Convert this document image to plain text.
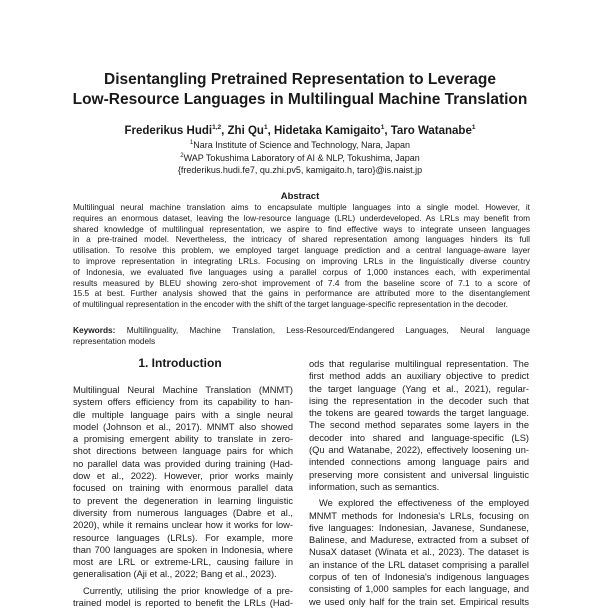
Disentangling Pretrained Representation to Leverage
Low-Resource Languages in Multilingual Machine Translation
Frederikus Hudi$^{1,2}$, Zhi Qu$^1$, Hidetaka Kamigaito$^1$, Taro Watanabe$^1$
$^1$Nara Institute of Science and Technology, Nara, Japan
$^2$WAP Tokushima Laboratory of AI & NLP, Tokushima, Japan
{frederikus.hudi.fe7, qu.zhi.pv5, kamigaito.h, taro}@is.naist.jp
Abstract
Multilingual neural machine translation aims to encapsulate multiple languages into a single model. However, it
requires an enormous dataset, leaving the low-resource language (LRL) underdeveloped. As LRLs may benefit from
shared knowledge of multilingual representation, we aspire to find effective ways to integrate unseen languages
in a pre-trained model. Nevertheless, the intricacy of shared representation among languages hinders its full
utilisation. To resolve this problem, we employed target language prediction and a central language-aware layer
to improve representation in integrating LRLs. Focusing on improving LRLs in the linguistically diverse country
of Indonesia, we evaluated five languages using a parallel corpus of 1,000 instances each, with experimental
results measured by BLEU showing zero-shot improvement of 7.4 from the baseline score of 7.1 to a score of
15.5 at best. Further analysis showed that the gains in performance are attributed more to the disentanglement
of multilingual representation in the encoder with the shift of the target language-specific representation in the decoder.
Keywords: Multilinguality, Machine Translation, Less-Resourced/Endangered Languages, Neural language
representation models
1. Introduction
Multilingual Neural Machine Translation (MNMT)
system offers efficiency from its capability to han-
dle multiple language pairs with a single neural
model (Johnson et al., 2017). MNMT also showed
a promising emergent ability to translate in zero-
shot directions between language pairs for which
no parallel data was provided during training (Had-
dow et al., 2022). However, prior works mainly
focused on training with enormous parallel data
to prevent the degeneration in learning linguistic
diversity from numerous languages (Dabre et al.,
2020), while it remains unclear how it works for low-
resource languages (LRLs). For example, more
than 700 languages are spoken in Indonesia, where
most are LRL or extreme-LRL, causing failure in
generalisation (Aji et al., 2022; Bang et al., 2023).
Currently, utilising the prior knowledge of a pre-
trained model is reported to benefit the LRLs (Had-
ods that regularise multilingual representation. The
first method adds an auxiliary objective to predict
the target language (Yang et al., 2021), regular-
ising the representation in the decoder such that
the tokens are geared towards the target language.
The second method separates some layers in the
decoder into shared and language-specific (LS)
(Qu and Watanabe, 2022), effectively loosening un-
intended connections among language pairs and
preserving more consistent and universal linguistic
information, such as semantics.
We explored the effectiveness of the employed
MNMT methods for Indonesia's LRLs, focusing on
five languages: Indonesian, Javanese, Sundanese,
Balinese, and Madurese, extracted from a subset of
NusaX dataset (Winata et al., 2023). The dataset is
an instance of the LRL dataset comprising a parallel
corpus of ten of Indonesia's indigenous languages
consisting of 1,000 samples for each language, and
we used only half for the train set. Empirical results
